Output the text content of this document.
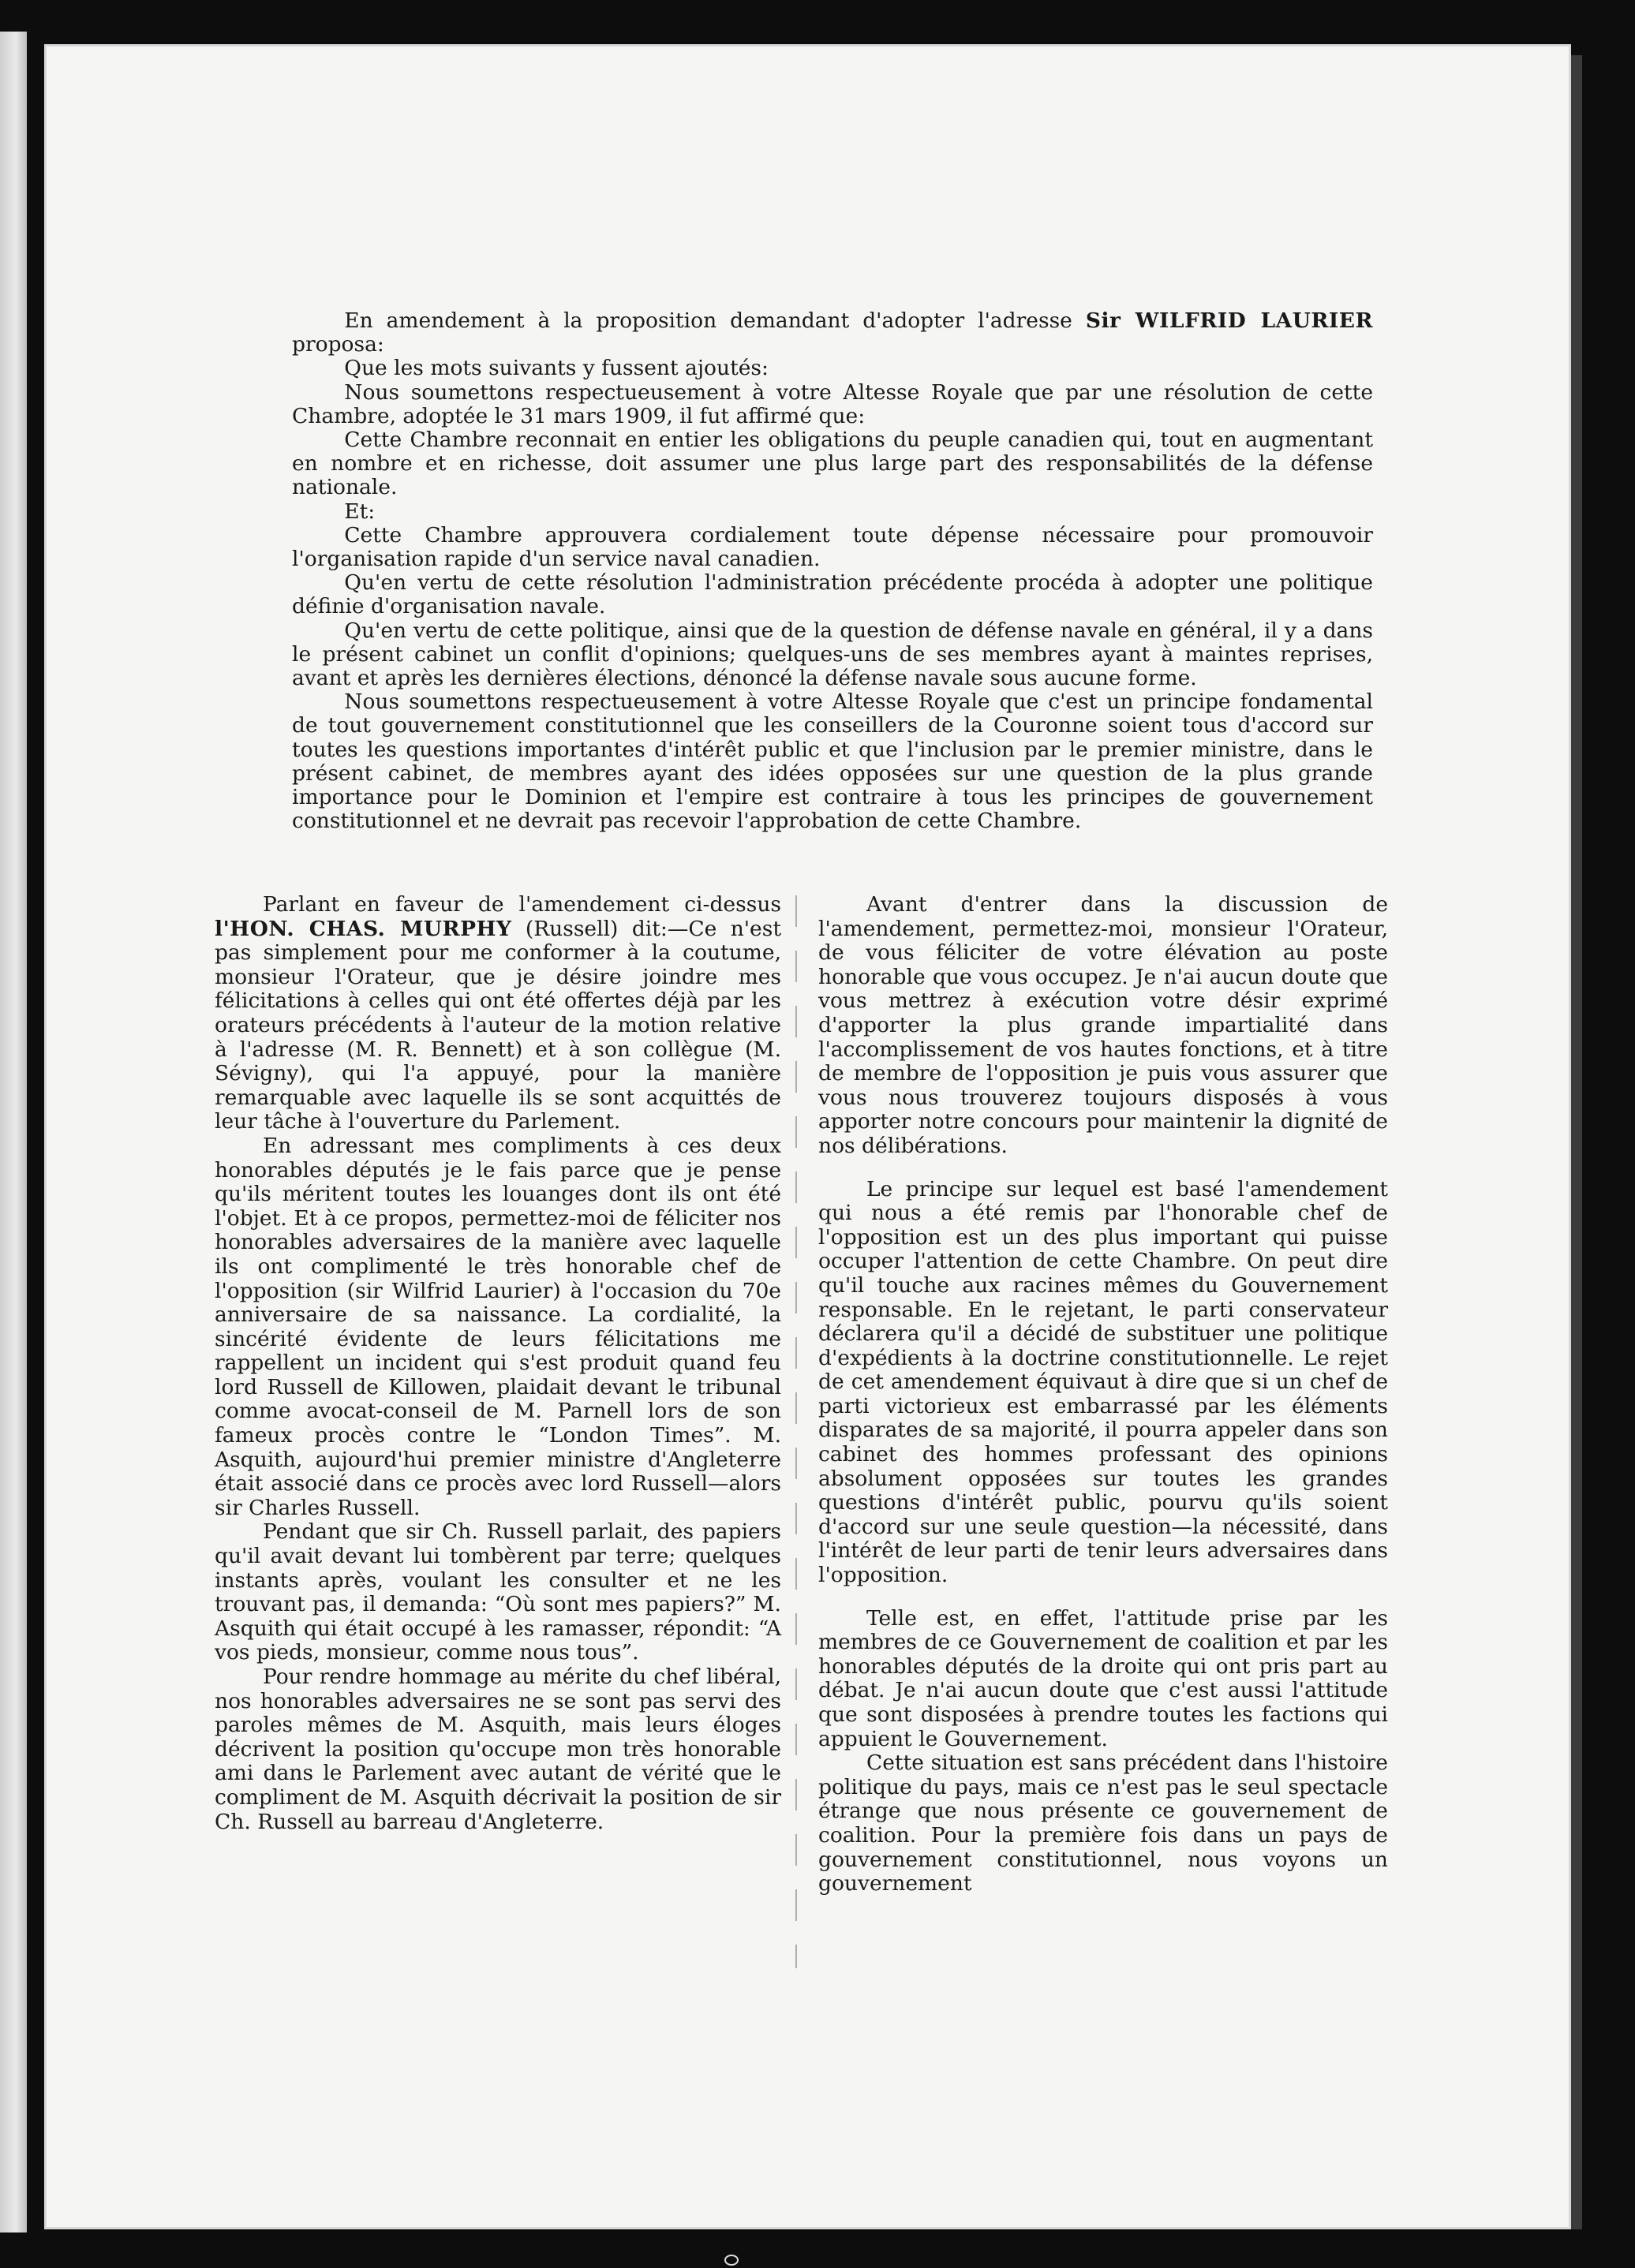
En amendement à la proposition demandant d'adopter l'adresse Sir WILFRID LAURIER proposa:

Que les mots suivants y fussent ajoutés:

Nous soumettons respectueusement à votre Altesse Royale que par une résolution de cette Chambre, adoptée le 31 mars 1909, il fut affirmé que:

Cette Chambre reconnait en entier les obligations du peuple canadien qui, tout en augmentant en nombre et en richesse, doit assumer une plus large part des responsabilités de la défense nationale.

Et:

Cette Chambre approuvera cordialement toute dépense nécessaire pour promouvoir l'organisation rapide d'un service naval canadien.

Qu'en vertu de cette résolution l'administration précédente procéda à adopter une politique définie d'organisation navale.

Qu'en vertu de cette politique, ainsi que de la question de défense navale en général, il y a dans le présent cabinet un conflit d'opinions; quelques-uns de ses membres ayant à maintes reprises, avant et après les dernières élections, dénoncé la défense navale sous aucune forme.

Nous soumettons respectueusement à votre Altesse Royale que c'est un principe fondamental de tout gouvernement constitutionnel que les conseillers de la Couronne soient tous d'accord sur toutes les questions importantes d'intérêt public et que l'inclusion par le premier ministre, dans le présent cabinet, de membres ayant des idées opposées sur une question de la plus grande importance pour le Dominion et l'empire est contraire à tous les principes de gouvernement constitutionnel et ne devrait pas recevoir l'approbation de cette Chambre.

Parlant en faveur de l'amendement ci-dessus l'HON. CHAS. MURPHY (Russell) dit:—Ce n'est pas simplement pour me conformer à la coutume, monsieur l'Orateur, que je désire joindre mes félicitations à celles qui ont été offertes déjà par les orateurs précédents à l'auteur de la motion relative à l'adresse (M. R. Bennett) et à son collègue (M. Sévigny), qui l'a appuyé, pour la manière remarquable avec laquelle ils se sont acquittés de leur tâche à l'ouverture du Parlement.

En adressant mes compliments à ces deux honorables députés je le fais parce que je pense qu'ils méritent toutes les louanges dont ils ont été l'objet. Et à ce propos, permettez-moi de féliciter nos honorables adversaires de la manière avec laquelle ils ont complimenté le très honorable chef de l'opposition (sir Wilfrid Laurier) à l'occasion du 70e anniversaire de sa naissance. La cordialité, la sincérité évidente de leurs félicitations me rappellent un incident qui s'est produit quand feu lord Russell de Killowen, plaidait devant le tribunal comme avocat-conseil de M. Parnell lors de son fameux procès contre le “London Times”. M. Asquith, aujourd'hui premier ministre d'Angleterre était associé dans ce procès avec lord Russell—alors sir Charles Russell.

Pendant que sir Ch. Russell parlait, des papiers qu'il avait devant lui tombèrent par terre; quelques instants après, voulant les consulter et ne les trouvant pas, il demanda: “Où sont mes papiers?” M. Asquith qui était occupé à les ramasser, répondit: “A vos pieds, monsieur, comme nous tous”.

Pour rendre hommage au mérite du chef libéral, nos honorables adversaires ne se sont pas servi des paroles mêmes de M. Asquith, mais leurs éloges décrivent la position qu'occupe mon très honorable ami dans le Parlement avec autant de vérité que le compliment de M. Asquith décrivait la position de sir Ch. Russell au barreau d'Angleterre.

Avant d'entrer dans la discussion de l'amendement, permettez-moi, monsieur l'Orateur, de vous féliciter de votre élévation au poste honorable que vous occupez. Je n'ai aucun doute que vous mettrez à exécution votre désir exprimé d'apporter la plus grande impartialité dans l'accomplissement de vos hautes fonctions, et à titre de membre de l'opposition je puis vous assurer que vous nous trouverez toujours disposés à vous apporter notre concours pour maintenir la dignité de nos délibérations.

Le principe sur lequel est basé l'amendement qui nous a été remis par l'honorable chef de l'opposition est un des plus important qui puisse occuper l'attention de cette Chambre. On peut dire qu'il touche aux racines mêmes du Gouvernement responsable. En le rejetant, le parti conservateur déclarera qu'il a décidé de substituer une politique d'expédients à la doctrine constitutionnelle. Le rejet de cet amendement équivaut à dire que si un chef de parti victorieux est embarrassé par les éléments disparates de sa majorité, il pourra appeler dans son cabinet des hommes professant des opinions absolument opposées sur toutes les grandes questions d'intérêt public, pourvu qu'ils soient d'accord sur une seule question—la nécessité, dans l'intérêt de leur parti de tenir leurs adversaires dans l'opposition.

Telle est, en effet, l'attitude prise par les membres de ce Gouvernement de coalition et par les honorables députés de la droite qui ont pris part au débat. Je n'ai aucun doute que c'est aussi l'attitude que sont disposées à prendre toutes les factions qui appuient le Gouvernement.

Cette situation est sans précédent dans l'histoire politique du pays, mais ce n'est pas le seul spectacle étrange que nous présente ce gouvernement de coalition. Pour la première fois dans un pays de gouvernement constitutionnel, nous voyons un gouvernement
